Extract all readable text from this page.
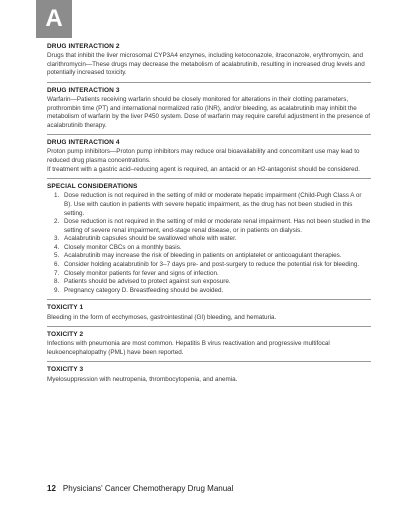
A
DRUG INTERACTION 2

Drugs that inhibit the liver microsomal CYP3A4 enzymes, including ketoconazole, itraconazole, erythromycin, and clarithromycin—These drugs may decrease the metabolism of acalabrutinib, resulting in increased drug levels and potentially increased toxicity.

DRUG INTERACTION 3

Warfarin—Patients receiving warfarin should be closely monitored for alterations in their clotting parameters, prothrombin time (PT) and international normalized ratio (INR), and/or bleeding, as acalabrutinib may inhibit the metabolism of warfarin by the liver P450 system. Dose of warfarin may require careful adjustment in the presence of acalabrutinib therapy.

DRUG INTERACTION 4

Proton pump inhibitors—Proton pump inhibitors may reduce oral bioavailability and concomitant use may lead to reduced drug plasma concentrations.

If treatment with a gastric acid–reducing agent is required, an antacid or an H2-antagonist should be considered.

SPECIAL CONSIDERATIONS
1. Dose reduction is not required in the setting of mild or moderate hepatic impairment (Child-Pugh Class A or B). Use with caution in patients with severe hepatic impairment, as the drug has not been studied in this setting.
2. Dose reduction is not required in the setting of mild or moderate renal impairment. Has not been studied in the setting of severe renal impairment, end-stage renal disease, or in patients on dialysis.
3. Acalabrutinib capsules should be swallowed whole with water.
4. Closely monitor CBCs on a monthly basis.
5. Acalabrutinib may increase the risk of bleeding in patients on antiplatelet or anticoagulant therapies.
6. Consider holding acalabrutinib for 3–7 days pre- and post-surgery to reduce the potential risk for bleeding.
7. Closely monitor patients for fever and signs of infection.
8. Patients should be advised to protect against sun exposure.
9. Pregnancy category D. Breastfeeding should be avoided.
TOXICITY 1

Bleeding in the form of ecchymoses, gastrointestinal (GI) bleeding, and hematuria.

TOXICITY 2

Infections with pneumonia are most common. Hepatitis B virus reactivation and progressive multifocal leukoencephalopathy (PML) have been reported.

TOXICITY 3

Myelosuppression with neutropenia, thrombocytopenia, and anemia.

12 Physicians' Cancer Chemotherapy Drug Manual
